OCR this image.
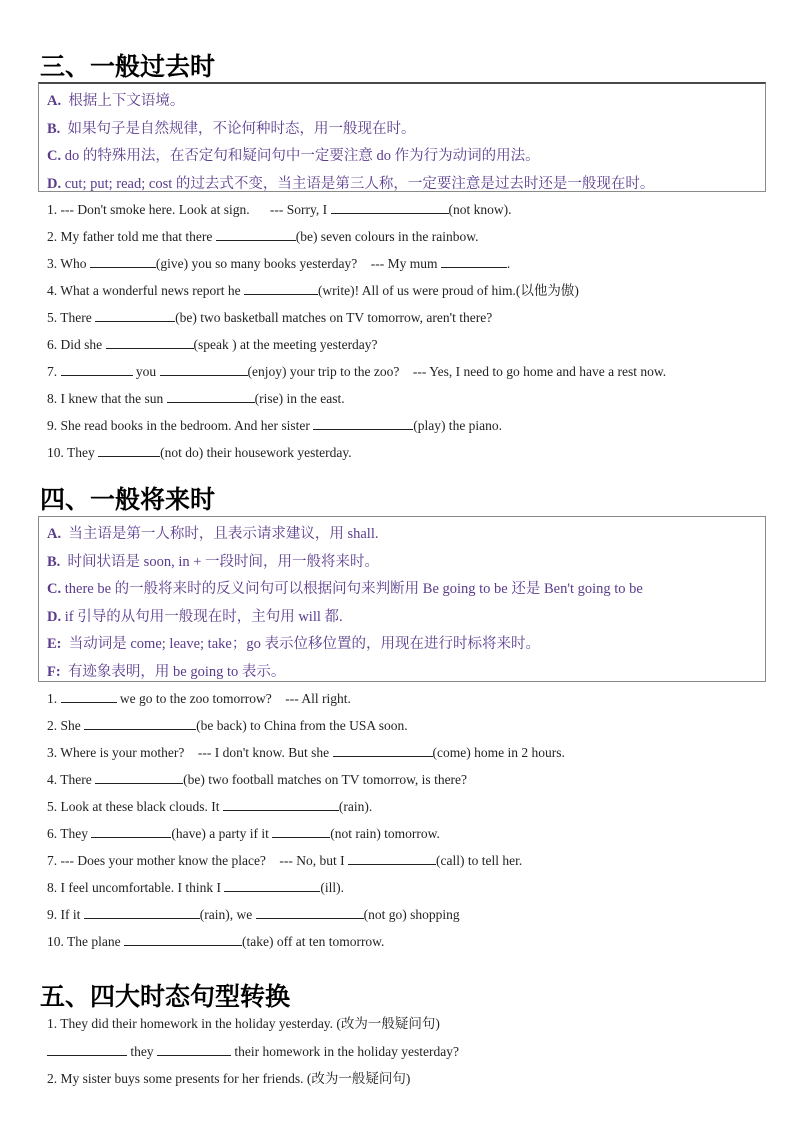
三、一般过去时
A. 根据上下文语境。
B. 如果句子是自然规律，不论何种时态，用一般现在时。
C. do 的特殊用法，在否定句和疑问句中一定要注意 do 作为行为动词的用法。
D. cut; put; read; cost 的过去式不变，当主语是第三人称，一定要注意是过去时还是一般现在时。
1. --- Don't smoke here. Look at sign.      --- Sorry, I	(not know).
2. My father told me that there	(be) seven colours in the rainbow.
3. Who	(give) you so many books yesterday?    --- My mum	.
4. What a wonderful news report he	(write)! All of us were proud of him.(以他为傲)
5. There	(be) two basketball matches on TV tomorrow, aren't there?
6. Did she	(speak ) at the meeting yesterday?
7.	you	(enjoy) your trip to the zoo?    --- Yes, I need to go home and have a rest now.
8. I knew that the sun	(rise) in the east.
9. She read books in the bedroom. And her sister	(play) the piano.
10. They	(not do) their housework yesterday.
四、一般将来时
A. 当主语是第一人称时，且表示请求建议，用 shall.
B. 时间状语是 soon, in + 一段时间，用一般将来时。
C. there be 的一般将来时的反义问句可以根据问句来判断用 Be going to be 还是 Ben't going to be
D. if 引导的从句用一般现在时，主句用 will 都.
E: 当动词是 come; leave; take；go 表示位移位置的，用现在进行时标将来时。
F: 有迹象表明，用 be going to 表示。
1.	we go to the zoo tomorrow?    --- All right.
2. She	(be back) to China from the USA soon.
3. Where is your mother?    --- I don't know. But she	(come) home in 2 hours.
4. There	(be) two football matches on TV tomorrow, is there?
5. Look at these black clouds. It	(rain).
6. They	(have) a party if it	(not rain) tomorrow.
7. --- Does your mother know the place?    --- No, but I	(call) to tell her.
8. I feel uncomfortable. I think I	(ill).
9. If it	(rain), we	(not go) shopping
10. The plane	(take) off at ten tomorrow.
五、四大时态句型转换
1. They did their homework in the holiday yesterday. (改为一般疑问句)
they	their homework in the holiday yesterday?
2. My sister buys some presents for her friends. (改为一般疑问句)
